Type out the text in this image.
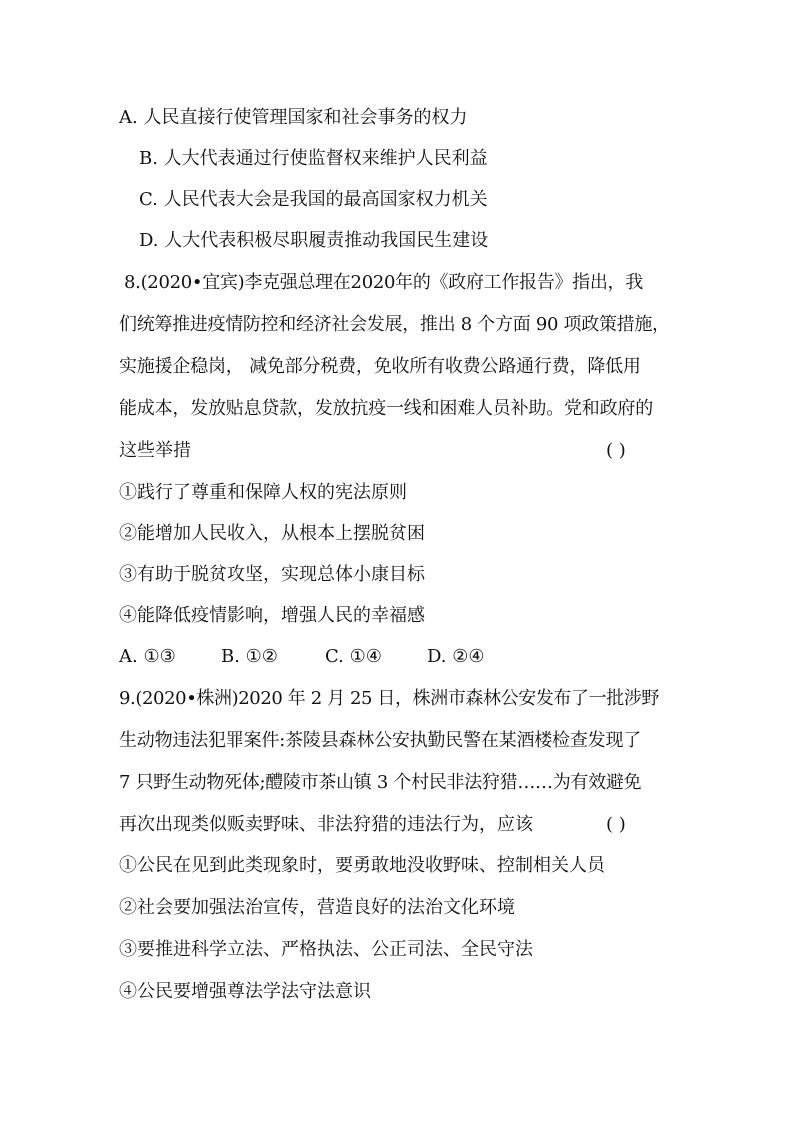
A. 人民直接行使管理国家和社会事务的权力
B. 人大代表通过行使监督权来维护人民利益
C. 人民代表大会是我国的最高国家权力机关
D. 人大代表积极尽职履责推动我国民生建设
8.(2020•宜宾)李克强总理在2020年的《政府工作报告》指出，我
们统筹推进疫情防控和经济社会发展，推出 8 个方面 90 项政策措施，
实施援企稳岗， 减免部分税费，免收所有收费公路通行费，降低用
能成本，发放贴息贷款，发放抗疫一线和困难人员补助。党和政府的
这些举措	( )
①践行了尊重和保障人权的宪法原则
②能增加人民收入，从根本上摆脱贫困
③有助于脱贫攻坚，实现总体小康目标
④能降低疫情影响，增强人民的幸福感
A. ①③	B. ①②	C. ①④	D. ②④
9.(2020•株洲)2020 年 2 月 25 日，株洲市森林公安发布了一批涉野
生动物违法犯罪案件:茶陵县森林公安执勤民警在某酒楼检查发现了
7 只野生动物死体;醴陵市茶山镇 3 个村民非法狩猎……为有效避免
再次出现类似贩卖野味、非法狩猎的违法行为，应该	( )
①公民在见到此类现象时，要勇敢地没收野味、控制相关人员
②社会要加强法治宣传，营造良好的法治文化环境
③要推进科学立法、严格执法、公正司法、全民守法
④公民要增强尊法学法守法意识
